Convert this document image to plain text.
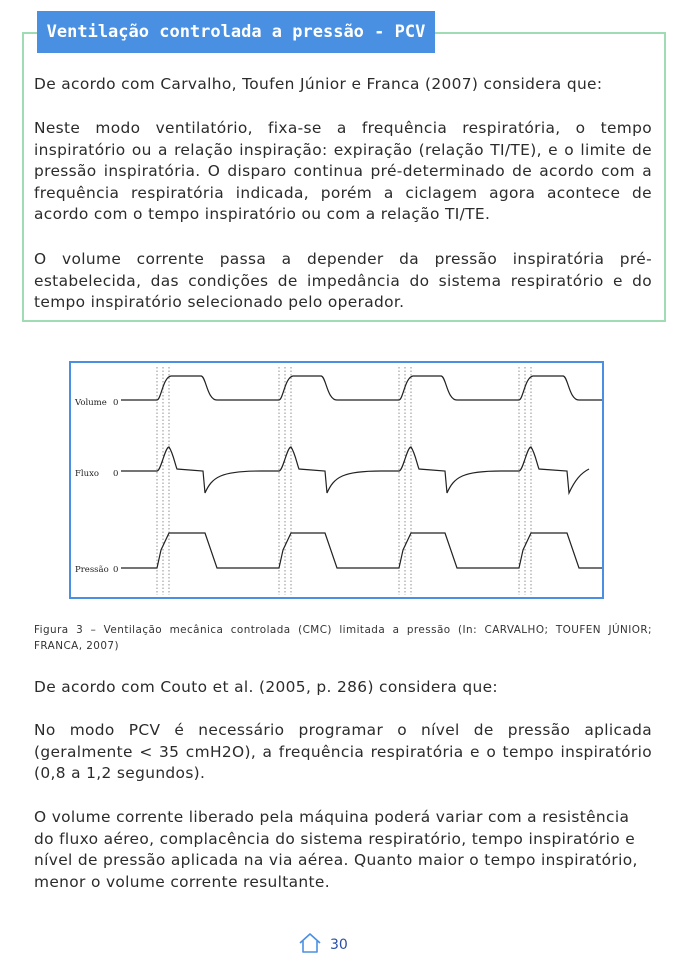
Ventilação controlada a pressão - PCV

De acordo com Carvalho, Toufen Júnior e Franca (2007) considera que:

Neste modo ventilatório, fixa-se a frequência respiratória, o tempo inspiratório ou a relação inspiração: expiração (relação TI/TE), e o limite de pressão inspiratória. O disparo continua pré-determinado de acordo com a frequência respiratória indicada, porém a ciclagem agora acontece de acordo com o tempo inspiratório ou com a relação TI/TE.

O volume corrente passa a depender da pressão inspiratória pré-estabelecida, das condições de impedância do sistema respiratório e do tempo inspiratório selecionado pelo operador.

Volume 0
Fluxo 0
Pressão 0
Figura 3 – Ventilação mecânica controlada (CMC) limitada a pressão (In: CARVALHO; TOUFEN JÚNIOR; FRANCA, 2007)

De acordo com Couto et al. (2005, p. 286) considera que:

No modo PCV é necessário programar o nível de pressão aplicada (geralmente < 35 cmH2O), a frequência respiratória e o tempo inspiratório (0,8 a 1,2 segundos).

O volume corrente liberado pela máquina poderá variar com a resistência do fluxo aéreo, complacência do sistema respiratório, tempo inspiratório e nível de pressão aplicada na via aérea. Quanto maior o tempo inspiratório, menor o volume corrente resultante.

30
